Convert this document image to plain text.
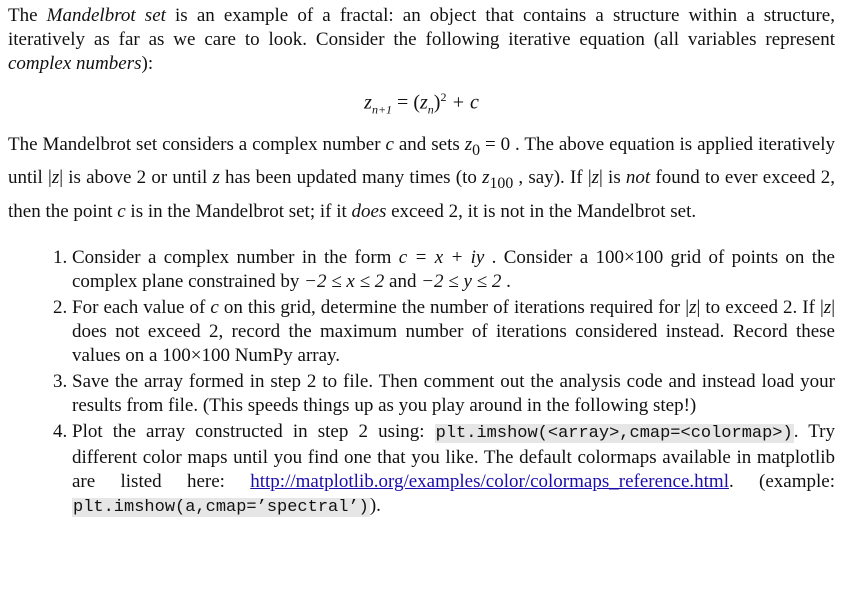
The Mandelbrot set is an example of a fractal: an object that contains a structure within a structure, iteratively as far as we care to look. Consider the following iterative equation (all variables represent complex numbers):

$z_{n+1} = (z_n)^2 + c$

The Mandelbrot set considers a complex number c and sets $z_0 = 0$ . The above equation is applied iteratively until |z| is above 2 or until z has been updated many times (to $z_{100}$ , say). If |z| is not found to ever exceed 2, then the point c is in the Mandelbrot set; if it does exceed 2, it is not in the Mandelbrot set.

1. Consider a complex number in the form c = x + iy . Consider a 100×100 grid of points on the complex plane constrained by −2 ≤ x ≤ 2 and −2 ≤ y ≤ 2 .
2. For each value of c on this grid, determine the number of iterations required for |z| to exceed 2. If |z| does not exceed 2, record the maximum number of iterations considered instead. Record these values on a 100×100 NumPy array.
3. Save the array formed in step 2 to file. Then comment out the analysis code and instead load your results from file. (This speeds things up as you play around in the following step!)
4. Plot the array constructed in step 2 using: plt.imshow(<array>,cmap=<colormap>). Try different color maps until you find one that you like. The default colormaps available in matplotlib are listed here: http://matplotlib.org/examples/color/colormaps_reference.html. (example: plt.imshow(a,cmap=’spectral’)).
